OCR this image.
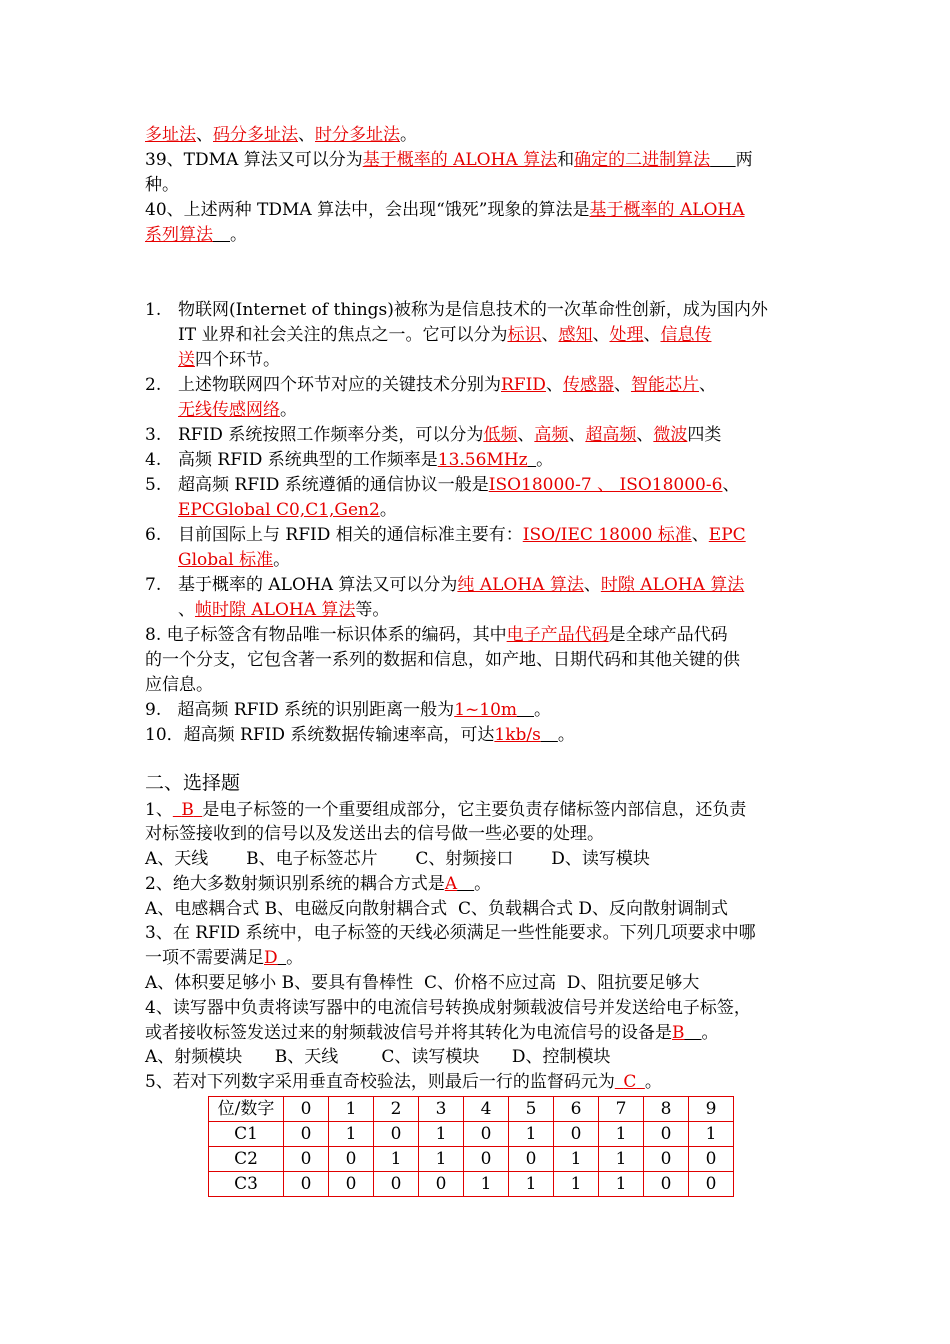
多址法、码分多址法、时分多址法。
39、TDMA 算法又可以分为基于概率的 ALOHA 算法和确定的二进制算法   两
种。
40、上述两种 TDMA 算法中，会出现“饿死”现象的算法是基于概率的 ALOHA
系列算法  。
1. 物联网(Internet of things)被称为是信息技术的一次革命性创新，成为国内外
IT 业界和社会关注的焦点之一。它可以分为标识、感知、处理、信息传
送四个环节。
2. 上述物联网四个环节对应的关键技术分别为RFID、传感器、智能芯片、
无线传感网络。
3. RFID 系统按照工作频率分类，可以分为低频、高频、超高频、微波四类
4. 高频 RFID 系统典型的工作频率是13.56MHz  。
5. 超高频 RFID 系统遵循的通信协议一般是ISO18000-7 、 ISO18000-6、
EPCGlobal C0,C1,Gen2。
6. 目前国际上与 RFID 相关的通信标准主要有：ISO/IEC 18000 标准、EPC
Global 标准。
7. 基于概率的 ALOHA 算法又可以分为纯 ALOHA 算法、时隙 ALOHA 算法
、帧时隙 ALOHA 算法等。
8. 电子标签含有物品唯一标识体系的编码，其中电子产品代码是全球产品代码
的一个分支，它包含著一系列的数据和信息，如产地、日期代码和其他关键的供
应信息。
9.   超高频 RFID 系统的识别距离一般为1~10m  。
10．超高频 RFID 系统数据传输速率高，可达1kb/s  。
二、选择题
1、  B  是电子标签的一个重要组成部分，它主要负责存储标签内部信息，还负责
对标签接收到的信号以及发送出去的信号做一些必要的处理。
A、天线       B、电子标签芯片       C、射频接口       D、读写模块
2、绝大多数射频识别系统的耦合方式是A  。
A、电感耦合式 B、电磁反向散射耦合式  C、负载耦合式 D、反向散射调制式
3、在 RFID 系统中，电子标签的天线必须满足一些性能要求。下列几项要求中哪
一项不需要满足D  。
A、体积要足够小 B、要具有鲁棒性  C、价格不应过高  D、阻抗要足够大
4、读写器中负责将读写器中的电流信号转换成射频载波信号并发送给电子标签，
或者接收标签发送过来的射频载波信号并将其转化为电流信号的设备是B  。
A、射频模块      B、天线        C、读写模块      D、控制模块
5、若对下列数字采用垂直奇校验法，则最后一行的监督码元为  C  。
位/数字	0	1	2	3	4	5	6	7	8	9
C1	0	1	0	1	0	1	0	1	0	1
C2	0	0	1	1	0	0	1	1	0	0
C3	0	0	0	0	1	1	1	1	0	0
